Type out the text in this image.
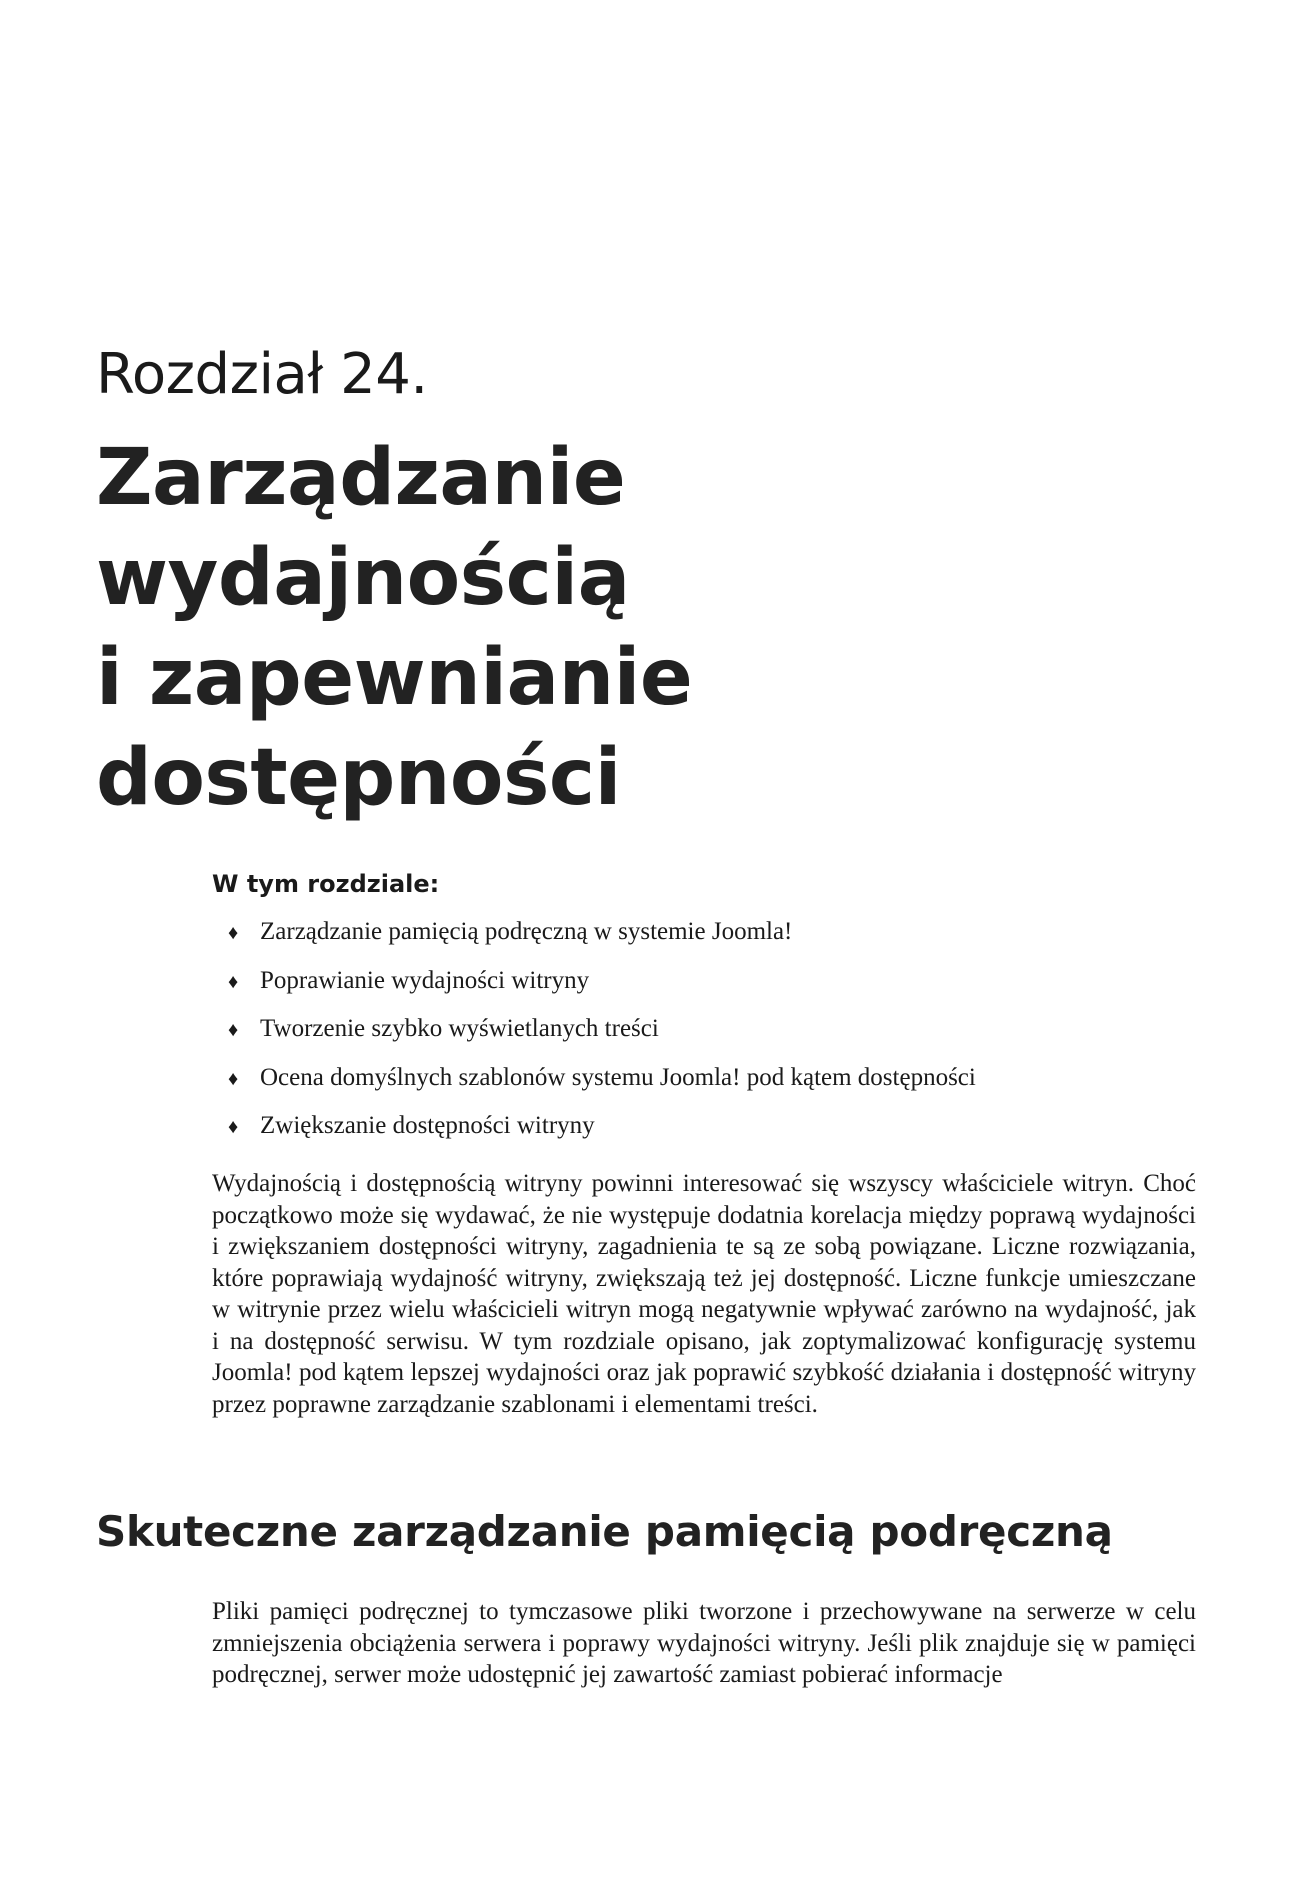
Rozdział 24.
Zarządzanie
wydajnością
i zapewnianie
dostępności
W tym rozdziale:
♦ Zarządzanie pamięcią podręczną w systemie Joomla!
♦ Poprawianie wydajności witryny
♦ Tworzenie szybko wyświetlanych treści
♦ Ocena domyślnych szablonów systemu Joomla! pod kątem dostępności
♦ Zwiększanie dostępności witryny

Wydajnością i dostępnością witryny powinni interesować się wszyscy właściciele witryn. Choć początkowo może się wydawać, że nie występuje dodatnia korelacja między poprawą wydajności i zwiększaniem dostępności witryny, zagadnienia te są ze sobą powiązane. Liczne rozwiązania, które poprawiają wydajność witryny, zwiększają też jej dostępność. Liczne funkcje umieszczane w witrynie przez wielu właścicieli witryn mogą negatywnie wpływać zarówno na wydajność, jak i na dostępność serwisu. W tym rozdziale opisano, jak zoptymalizować konfigurację systemu Joomla! pod kątem lepszej wydajności oraz jak poprawić szybkość działania i dostępność witryny przez poprawne zarządzanie szablonami i elementami treści.

Skuteczne zarządzanie pamięcią podręczną

Pliki pamięci podręcznej to tymczasowe pliki tworzone i przechowywane na serwerze w celu zmniejszenia obciążenia serwera i poprawy wydajności witryny. Jeśli plik znajduje się w pamięci podręcznej, serwer może udostępnić jej zawartość zamiast pobierać informacje
